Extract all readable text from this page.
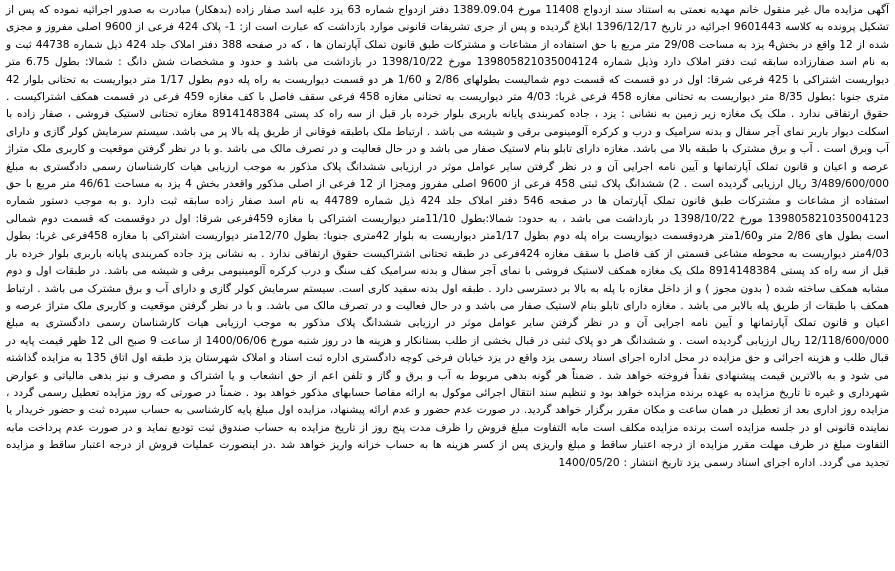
آگهی مزایده مال غیر منقول خانم مهدیه نعمتی به استناد سند ازدواج 11408 مورخ 1389.09.04 دفتر ازدواج شماره 63 یزد علیه اسد صفار زاده (بدهکار) مبادرت به صدور اجرائیه نموده که پس از تشکیل پرونده به کلاسه 9601443 اجرائیه در تاریخ 1396/12/17 ابلاغ گردیده و پس از جری تشریفات قانونی موارد بازداشت که عبارت است از: 1- پلاک 424 فرعی از 9600 اصلی مفروز و مجزی شده از 12 واقع در بخش4 یزد به مساحت 29/08 متر مربع با حق استفاده از مشاعات و مشترکات طبق قانون تملک آپارتمان ها ، که در صفحه 388 دفتر املاک جلد 424 ذیل شماره 44738 ثبت و به نام اسد صفارزاده سابقه ثبت دفتر املاک دارد وذیل شماره 139805821035004124 مورخ 1398/10/22 در بازداشت می باشد و حدود و مشخصات شش دانگ : شمالا: بطول 6.75 متر دیواریست اشتراکی با 425 فرعی شرقا: اول در دو قسمت که قسمت دوم شمالیست بطولهای 2/86 و 1/60 هر دو قسمت دیواریست به راه پله دوم بطول 1/17 متر دیواریست به تحتانی بلوار 42 متری جنوبا :بطول 8/35 متر دیواریست به تحتانی مغازه 458 فرعی غربا: 4/03 متر دیواریست به تحتانی مغازه 458 فرعی سقف فاصل با کف مغازه 459 فرعی در قسمت همکف اشتراکیست . حقوق ارتفاقی ندارد . ملک یک مغازه زیر زمین به نشانی : یزد ، جاده کمربندی پایانه باربری بلوار خرده بار قبل از سه راه کد پستی 8914148384 مغازه تحتانی لاستیک فروشی ، صفار زاده با اسکلت دیوار باربر نمای آجر سفال و بدنه سرامیک و درب و کرکره آلومینومی برقی و شیشه می باشد . ارتباط ملک باطبقه فوقانی از طریق پله بالا پر می باشد. سیستم سرمایش کولر گازی و دارای آب وبرق است . آب و برق مشترک با طبقه بالا می باشد. مغازه دارای تابلو بنام لاستیک صفار می باشد و در حال فعالیت و در تصرف مالک می باشد .و با در نظر گرفتن موقعیت و کاربری ملک متراژ عرصه و اعیان و قانون تملک آپارتمانها و آیین نامه اجرایی آن و در نظر گرفتن سایر عوامل موثر در ارزیابی ششدانگ پلاک مذکور به موجب ارزیابی هیات کارشناسان رسمی دادگستری به مبلغ 3/489/600/000 ریال ارزیابی گردیده است . 2) ششدانگ پلاک ثبتی 458 فرعی از 9600 اصلی مفروز ومجزا از 12 فرعی از اصلی مذکور واقعدر بخش 4 یزد به مساحت 46/61 متر مربع با حق استفاده از مشاعات و مشترکات طبق قانون تملک آپارتمان ها در صفحه 546 دفتر املاک جلد 424 ذیل شماره 44789 به نام اسد صفار زاده سابقه ثبت دارد .و به موجب دستور شماره 139805821035004123 مورخ 1398/10/22 در بازداشت می باشد ، به حدود: شمالا:بطول 11/10متر دیواریست اشتراکی با مغازه 459فرعی شرقا: اول در دوقسمت که قسمت دوم شمالی است بطول های 2/86 متر و1/60متر هردوقسمت دیواریست براه پله دوم بطول 1/17متر دیواریست به بلوار 42متری جنوبا: بطول 12/70متر دیواریست اشتراکی با مغازه 458فرعی غربا: بطول 4/03متر دیواریست به محوطه مشاعی قسمتی از کف فاصل با سقف مغازه 424فرعی در طبقه تحتانی اشتراکیست حقوق ارتفاقی ندارد . به نشانی یزد جاده کمربندی پایانه باربری بلوار خرده بار قبل از سه راه کد پستی 8914148384 ملک یک مغازه همکف لاستیک فروشی با نمای آجر سفال و بدنه سرامیک کف سنگ و درب کرکره آلومینیومی برقی و شیشه می باشد. در طبقات اول و دوم مشابه همکف ساخته شده ( بدون مجوز ) و از داخل مغازه با پله به بالا بر دسترسی دارد . طبقه اول بدنه سفید کاری است. سیستم سرمایش کولر گازی و دارای آب و برق مشترک می باشد . ارتباط همکف با طبقات از طریق پله بالابر می باشد . مغازه دارای تابلو بنام لاستیک صفار می باشد و در حال فعالیت و در تصرف مالک می باشد. و با در نظر گرفتن موقعیت و کاربری ملک متراژ عرصه و اعیان و قانون تملک آپارتمانها و آیین نامه اجرایی آن و در نظر گرفتن سایر عوامل موثر در ارزیابی ششدانگ پلاک مذکور به موجب ارزیابی هیات کارشناسان رسمی دادگستری به مبلغ 12/118/600/000 ریال ارزیابی گردیده است . و ششدانگ هر دو پلاک ثبتی در قبال بخشی از طلب بستانکار و هزینه ها در روز شنبه مورخ 1400/06/06 از ساعت 9 صبح الی 12 ظهر قیمت پایه در قبال طلب و هزینه اجرائی و حق مزایده در محل اداره اجرای اسناد رسمی یزد واقع در یزد خیابان فرخی کوچه دادگستری اداره ثبت اسناد و املاک شهرستان یزد طبقه اول اتاق 135 به مزایده گذاشته می شود و به بالاترین قیمت پیشنهادی نقداً فروخته خواهد شد . ضمناً هر گونه بدهی مربوط به آب و برق و گاز و تلفن اعم از حق انشعاب و یا اشتراک و مصرف و نیز بدهی مالیاتی و عوارض شهرداری و غیره تا تاریخ مزایده به عهده برنده مزایده خواهد بود و تنظیم سند انتقال اجرائی موکول به ارائه مفاصا حسابهای مذکور خواهد بود . ضمناً در صورتی که روز مزایده تعطیل رسمی گردد ، مزایده روز اداری بعد از تعطیل در همان ساعت و مکان مقرر برگزار خواهد گردید. در صورت عدم حضور و عدم ارائه پیشنهاد، مزایده اول مبلغ پایه کارشناسی به حساب سپرده ثبت و حضور خریدار یا نماینده قانونی او در جلسه مزایده است برنده مزایده مکلف است مابه التفاوت مبلغ فروش را ظرف مدت پنج روز از تاریخ مزایده به حساب صندوق ثبت تودیع نماید و در صورت عدم پرداخت مابه التفاوت مبلغ در ظرف مهلت مقرر مزایده از درجه اعتبار ساقط و مبلغ واریزی پس از کسر هزینه ها به حساب خزانه واریز خواهد شد .در اینصورت عملیات فروش از درجه اعتبار ساقط و مزایده تجدید می گردد. اداره اجرای اسناد رسمی یزد تاریخ انتشار : 1400/05/20
